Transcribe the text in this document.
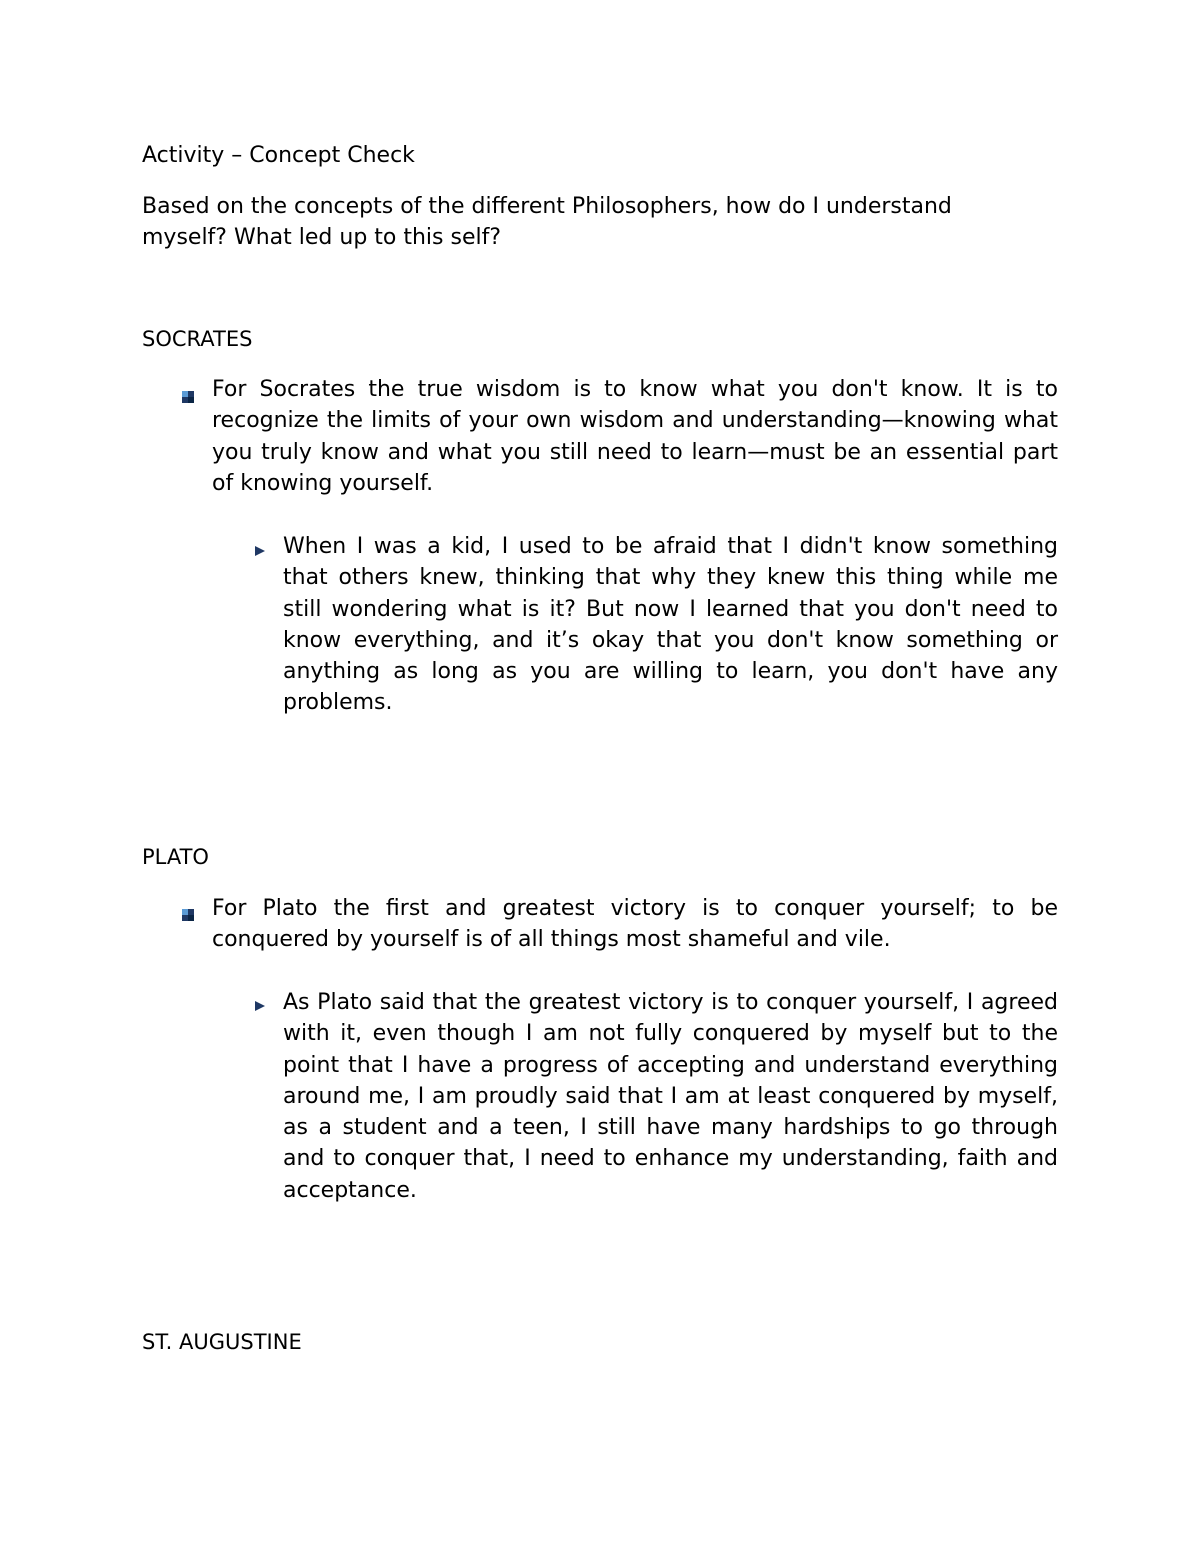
Activity – Concept Check

Based on the concepts of the different Philosophers, how do I understand myself? What led up to this self?

SOCRATES

For Socrates the true wisdom is to know what you don't know. It is to recognize the limits of your own wisdom and understanding—knowing what you truly know and what you still need to learn—must be an essential part of knowing yourself.

When I was a kid, I used to be afraid that I didn't know something that others knew, thinking that why they knew this thing while me still wondering what is it? But now I learned that you don't need to know everything, and it’s okay that you don't know something or anything as long as you are willing to learn, you don't have any problems.

PLATO

For Plato the first and greatest victory is to conquer yourself; to be conquered by yourself is of all things most shameful and vile.

As Plato said that the greatest victory is to conquer yourself, I agreed with it, even though I am not fully conquered by myself but to the point that I have a progress of accepting and understand everything around me, I am proudly said that I am at least conquered by myself, as a student and a teen, I still have many hardships to go through and to conquer that, I need to enhance my understanding, faith and acceptance.

ST. AUGUSTINE
